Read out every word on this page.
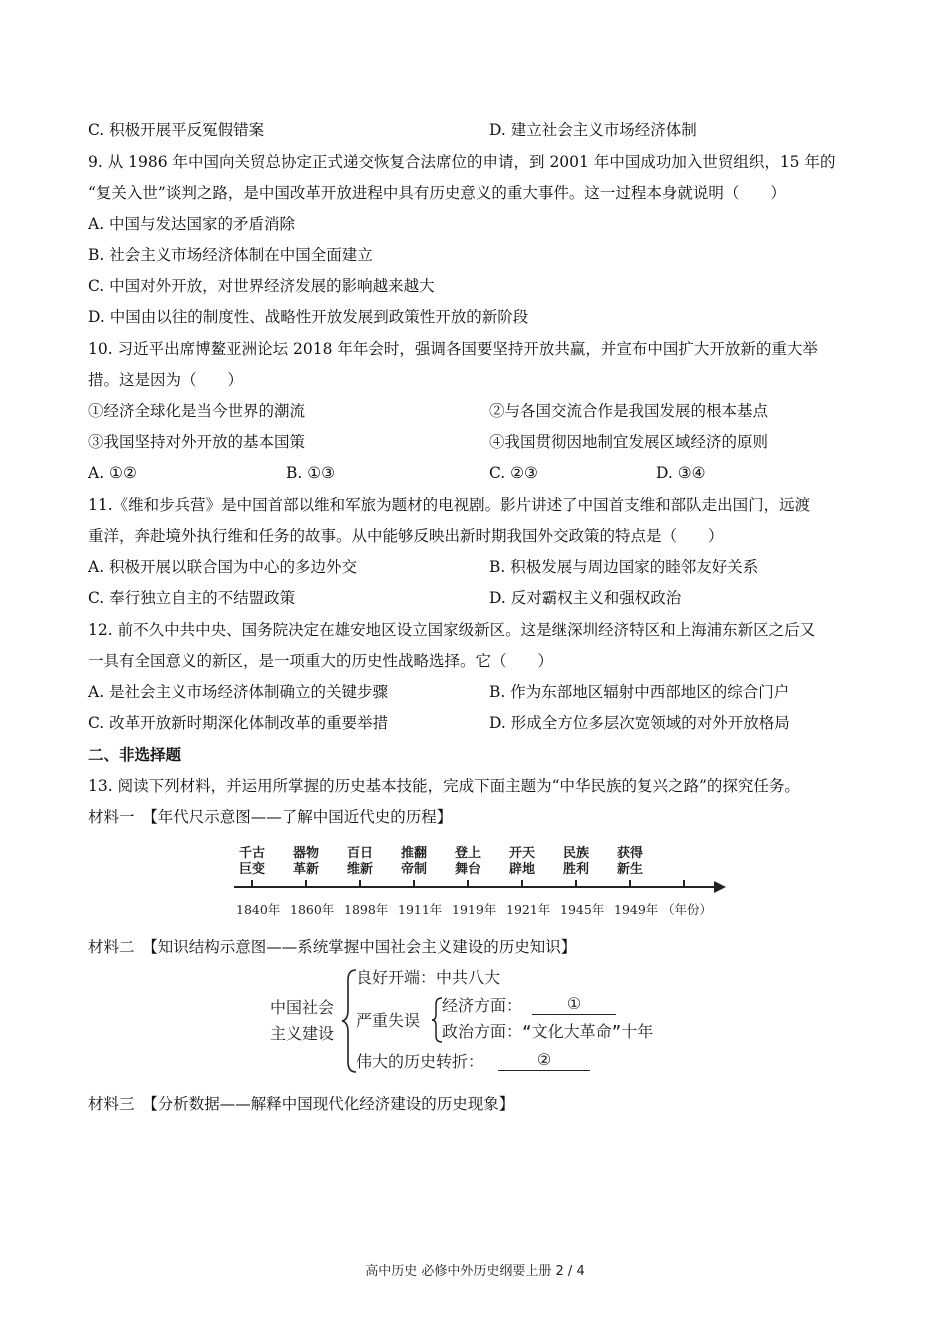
C. 积极开展平反冤假错案	D. 建立社会主义市场经济体制
9. 从 1986 年中国向关贸总协定正式递交恢复合法席位的申请，到 2001 年中国成功加入世贸组织，15 年的
“复关入世”谈判之路，是中国改革开放进程中具有历史意义的重大事件。这一过程本身就说明（　　）
A. 中国与发达国家的矛盾消除
B. 社会主义市场经济体制在中国全面建立
C. 中国对外开放，对世界经济发展的影响越来越大
D. 中国由以往的制度性、战略性开放发展到政策性开放的新阶段
10. 习近平出席博鳌亚洲论坛 2018 年年会时，强调各国要坚持开放共赢，并宣布中国扩大开放新的重大举
措。这是因为（　　）
①经济全球化是当今世界的潮流	②与各国交流合作是我国发展的根本基点
③我国坚持对外开放的基本国策	④我国贯彻因地制宜发展区域经济的原则
A. ①②	B. ①③	C. ②③	D. ③④
11.《维和步兵营》是中国首部以维和军旅为题材的电视剧。影片讲述了中国首支维和部队走出国门，远渡
重洋，奔赴境外执行维和任务的故事。从中能够反映出新时期我国外交政策的特点是（　　）
A. 积极开展以联合国为中心的多边外交	B. 积极发展与周边国家的睦邻友好关系
C. 奉行独立自主的不结盟政策	D. 反对霸权主义和强权政治
12. 前不久中共中央、国务院决定在雄安地区设立国家级新区。这是继深圳经济特区和上海浦东新区之后又
一具有全国意义的新区，是一项重大的历史性战略选择。它（　　）
A. 是社会主义市场经济体制确立的关键步骤	B. 作为东部地区辐射中西部地区的综合门户
C. 改革开放新时期深化体制改革的重要举措	D. 形成全方位多层次宽领域的对外开放格局
二、非选择题
13. 阅读下列材料，并运用所掌握的历史基本技能，完成下面主题为“中华民族的复兴之路”的探究任务。
材料一　【年代尺示意图——了解中国近代史的历程】
千古
巨变
器物
革新
百日
维新
推翻
帝制
登上
舞台
开天
辟地
民族
胜利
获得
新生
1840年 1860年 1898年 1911年 1919年 1921年 1945年 1949年 （年份）
材料二　【知识结构示意图——系统掌握中国社会主义建设的历史知识】
中国社会
主义建设
良好开端：中共八大
严重失误
经济方面：	①
政治方面：“文化大革命”十年
伟大的历史转折：	②
材料三　【分析数据——解释中国现代化经济建设的历史现象】
高中历史 必修中外历史纲要上册 2 / 4
